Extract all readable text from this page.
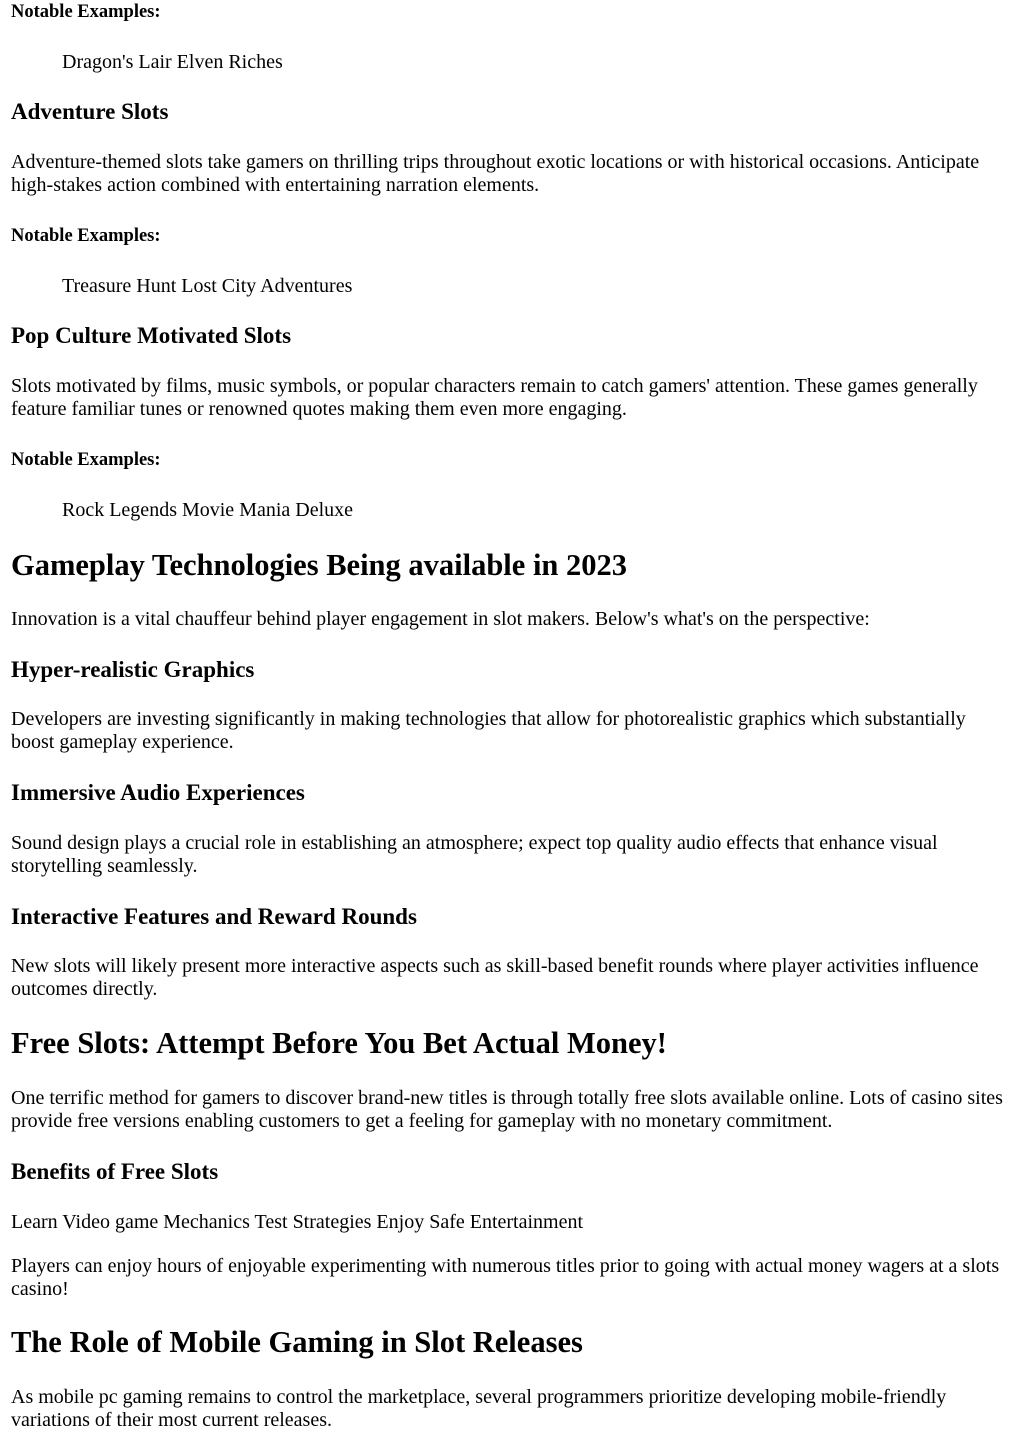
Notable Examples:
Dragon's Lair Elven Riches
Adventure Slots

Adventure-themed slots take gamers on thrilling trips throughout exotic locations or with historical occasions. Anticipate high-stakes action combined with entertaining narration elements.

Notable Examples:
Treasure Hunt Lost City Adventures
Pop Culture Motivated Slots

Slots motivated by films, music symbols, or popular characters remain to catch gamers' attention. These games generally feature familiar tunes or renowned quotes making them even more engaging.

Notable Examples:
Rock Legends Movie Mania Deluxe
Gameplay Technologies Being available in 2023

Innovation is a vital chauffeur behind player engagement in slot makers. Below's what's on the perspective:

Hyper-realistic Graphics

Developers are investing significantly in making technologies that allow for photorealistic graphics which substantially boost gameplay experience.

Immersive Audio Experiences

Sound design plays a crucial role in establishing an atmosphere; expect top quality audio effects that enhance visual storytelling seamlessly.

Interactive Features and Reward Rounds

New slots will likely present more interactive aspects such as skill-based benefit rounds where player activities influence outcomes directly.

Free Slots: Attempt Before You Bet Actual Money!

One terrific method for gamers to discover brand-new titles is through totally free slots available online. Lots of casino sites provide free versions enabling customers to get a feeling for gameplay with no monetary commitment.

Benefits of Free Slots

Learn Video game Mechanics Test Strategies Enjoy Safe Entertainment

Players can enjoy hours of enjoyable experimenting with numerous titles prior to going with actual money wagers at a slots casino!

The Role of Mobile Gaming in Slot Releases

As mobile pc gaming remains to control the marketplace, several programmers prioritize developing mobile-friendly variations of their most current releases.
